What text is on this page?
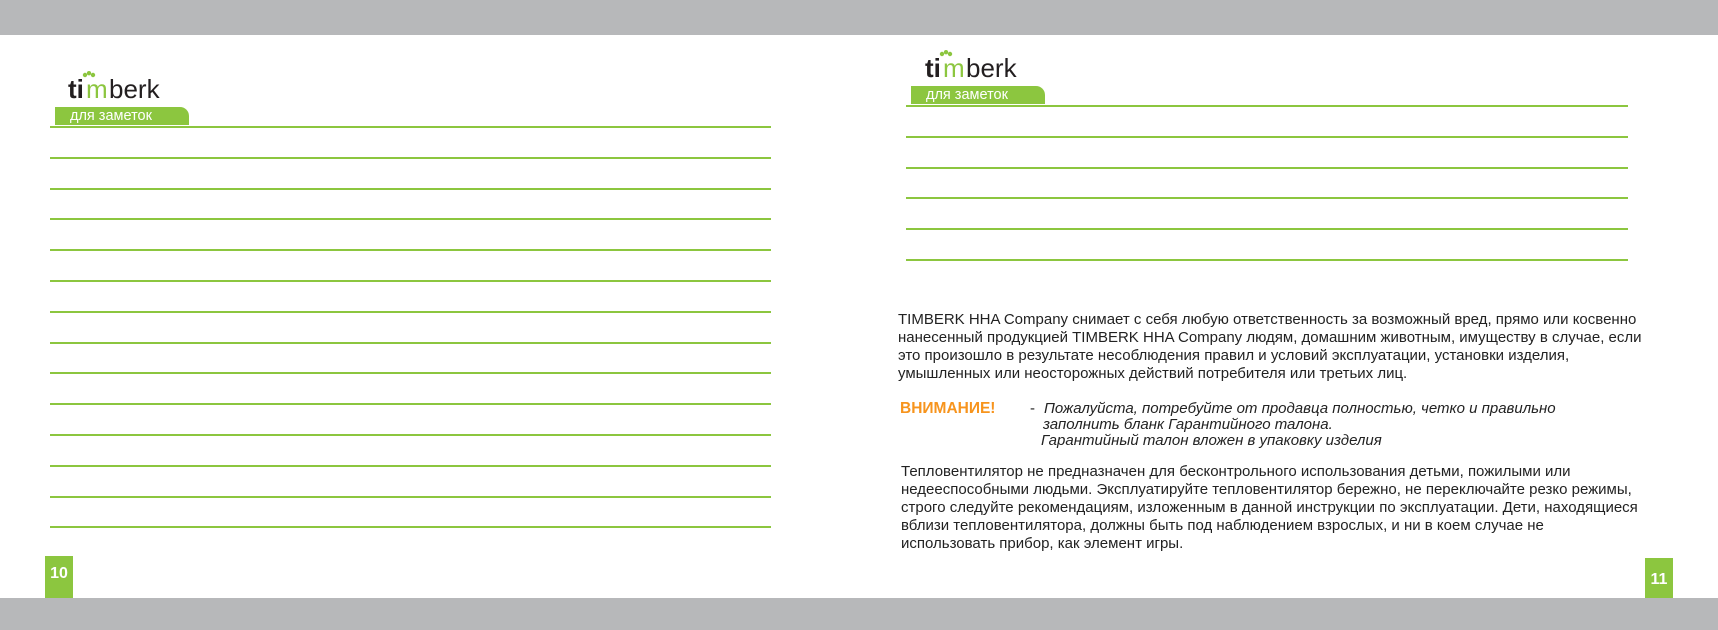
ti m berk
для заметок
10
ti m berk
для заметок
TIMBERK HHA Company снимает с себя любую ответственность за возможный вред, прямо или косвенно
нанесенный продукцией TIMBERK HHA Company людям, домашним животным, имуществу в случае, если
это произошло в результате несоблюдения правил и условий эксплуатации, установки изделия,
умышленных или неосторожных действий потребителя или третьих лиц.
ВНИМАНИЕ! - Пожалуйста, потребуйте от продавца полностью, четко и правильно
заполнить бланк Гарантийного талона.
Гарантийный талон вложен в упаковку изделия
Тепловентилятор не предназначен для бесконтрольного использования детьми, пожилыми или
недееспособными людьми. Эксплуатируйте тепловентилятор бережно, не переключайте резко режимы,
строго следуйте рекомендациям, изложенным в данной инструкции по эксплуатации. Дети, находящиеся
вблизи тепловентилятора, должны быть под наблюдением взрослых, и ни в коем случае не
использовать прибор, как элемент игры.
11
